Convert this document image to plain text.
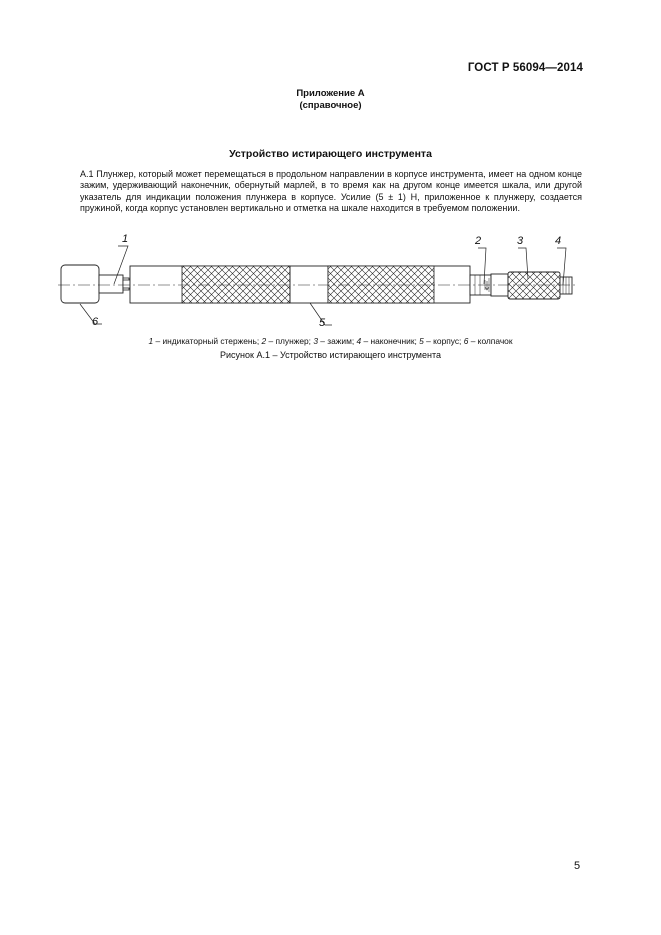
ГОСТ Р 56094—2014
Приложение А
(справочное)
Устройство истирающего инструмента

А.1 Плунжер, который может перемещаться в продольном направлении в корпусе инструмента, имеет на одном конце зажим, удерживающий наконечник, обернутый марлей, в то время как на другом конце имеется шкала, или другой указатель для индикации положения плунжера в корпусе. Усилие (5 ± 1) Н, приложенное к плунжеру, создается пружиной, когда корпус установлен вертикально и отметка на шкале находится в требуемом положении.

1	2	3	4
6	5
1 – индикаторный стержень; 2 – плунжер; 3 – зажим; 4 – наконечник; 5 – корпус; 6 – колпачок
Рисунок А.1 – Устройство истирающего инструмента
5
